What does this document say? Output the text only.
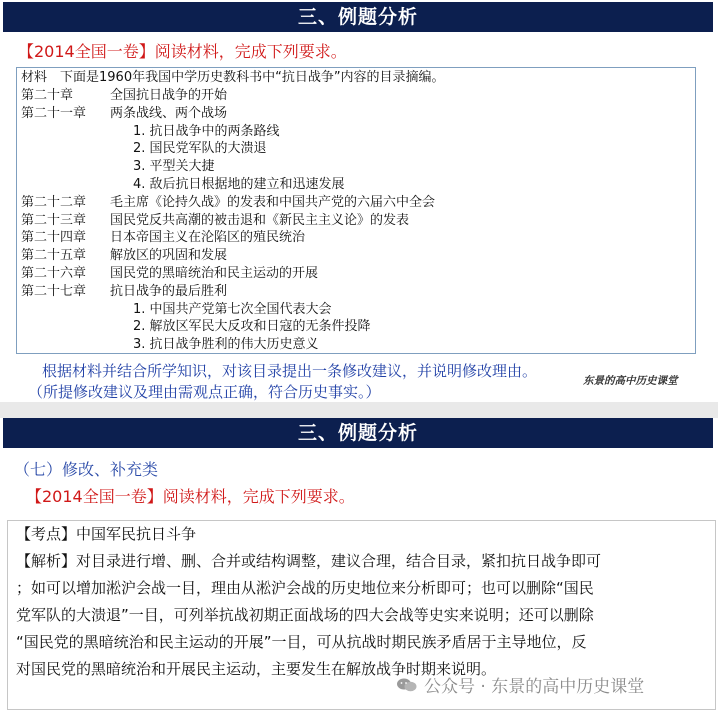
三、例题分析
【2014全国一卷】阅读材料，完成下列要求。
材料　下面是1960年我国中学历史教科书中“抗日战争”内容的目录摘编。
第二十章	全国抗日战争的开始
第二十一章 两条战线、两个战场
1. 抗日战争中的两条路线
2. 国民党军队的大溃退
3. 平型关大捷
4. 敌后抗日根据地的建立和迅速发展
第二十二章 毛主席《论持久战》的发表和中国共产党的六届六中全会
第二十三章 国民党反共高潮的被击退和《新民主主义论》的发表
第二十四章 日本帝国主义在沦陷区的殖民统治
第二十五章 解放区的巩固和发展
第二十六章 国民党的黑暗统治和民主运动的开展
第二十七章 抗日战争的最后胜利
1. 中国共产党第七次全国代表大会
2. 解放区军民大反攻和日寇的无条件投降
3. 抗日战争胜利的伟大历史意义
根据材料并结合所学知识，对该目录提出一条修改建议，并说明修改理由。
（所提修改建议及理由需观点正确，符合历史事实。）
东景的高中历史课堂
三、例题分析
（七）修改、补充类
【2014全国一卷】阅读材料，完成下列要求。
【考点】中国军民抗日斗争
【解析】对目录进行增、删、合并或结构调整，建议合理，结合目录，紧扣抗日战争即可
；如可以增加淞沪会战一目，理由从淞沪会战的历史地位来分析即可；也可以删除“国民
党军队的大溃退”一目，可列举抗战初期正面战场的四大会战等史实来说明；还可以删除
“国民党的黑暗统治和民主运动的开展”一目，可从抗战时期民族矛盾居于主导地位，反
对国民党的黑暗统治和开展民主运动，主要发生在解放战争时期来说明。
公众号 · 东景的高中历史课堂
